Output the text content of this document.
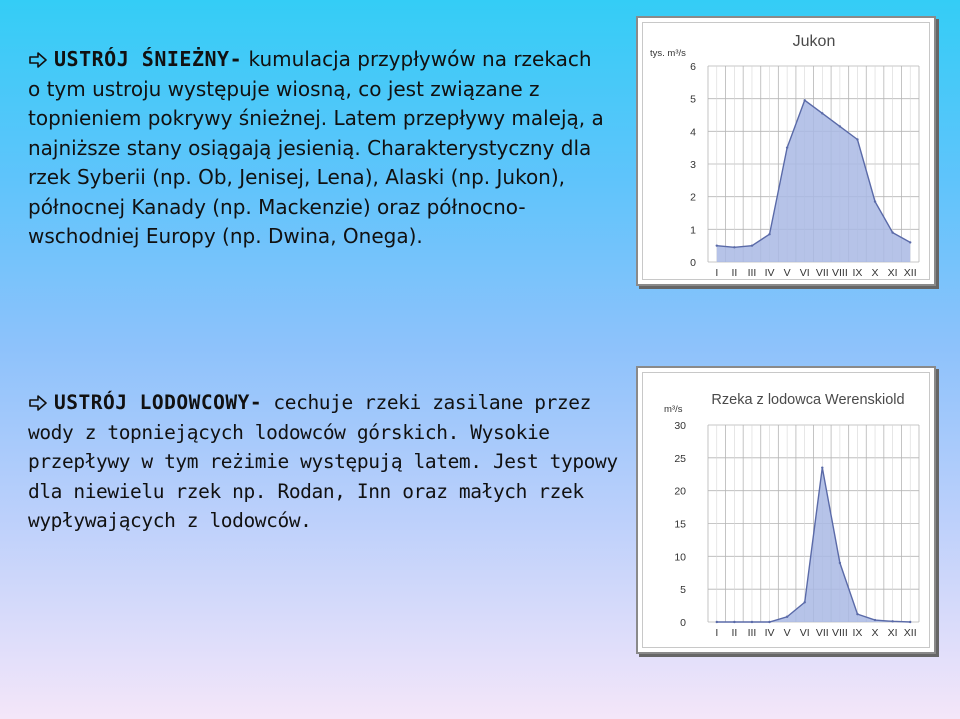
USTRÓJ ŚNIEŻNY- kumulacja przypływów na rzekach o tym ustroju występuje wiosną, co jest związane z topnieniem pokrywy śnieżnej. Latem przepływy maleją, a najniższe stany osiągają jesienią. Charakterystyczny dla rzek Syberii (np. Ob, Jenisej, Lena), Alaski (np. Jukon), północnej Kanady (np. Mackenzie) oraz północno-wschodniej Europy (np. Dwina, Onega).
USTRÓJ LODOWCOWY- cechuje rzeki zasilane przez wody z topniejących lodowców górskich. Wysokie przepływy w tym reżimie występują latem. Jest typowy dla niewielu rzek np. Rodan, Inn oraz małych rzek wypływających z lodowców.
Jukon
tys. m³/s
0
1
2
3
4
5
6
I II III IV V VI VII VIII IX X XI XII
Rzeka z lodowca Werenskiold
m³/s
0
5
10
15
20
25
30
I II III IV V VI VII VIII IX X XI XII
